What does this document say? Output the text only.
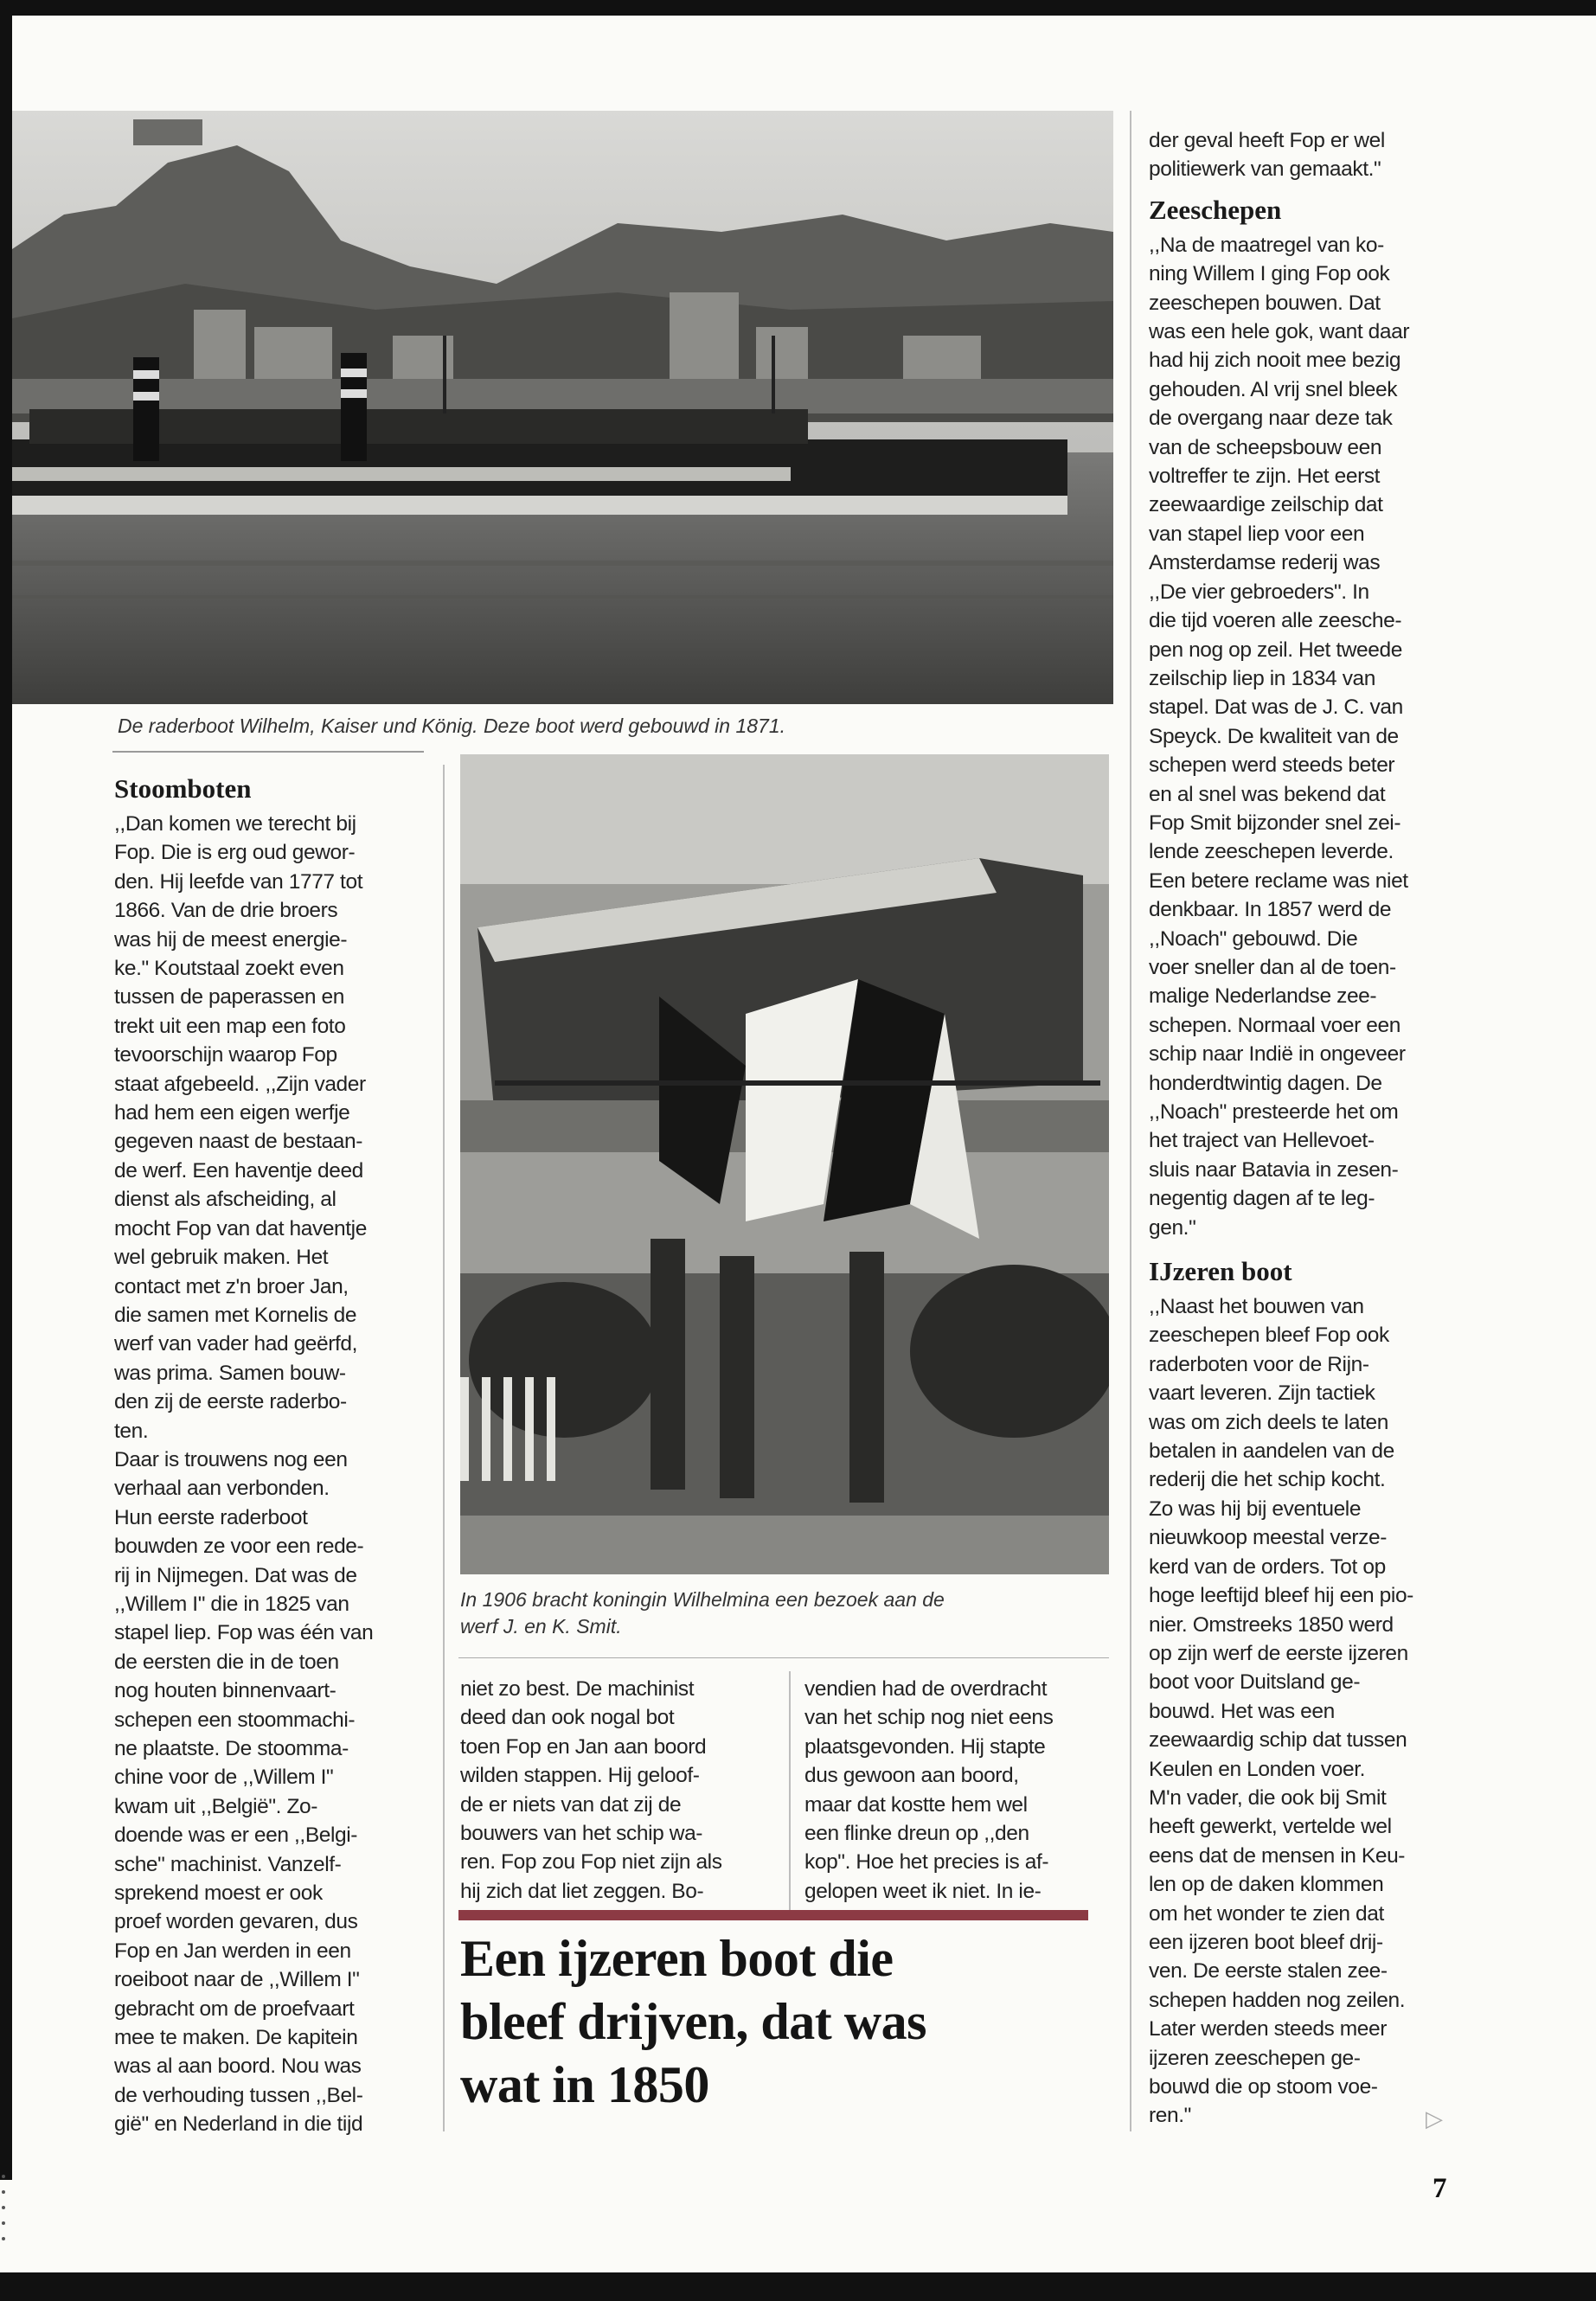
De raderboot Wilhelm, Kaiser und König. Deze boot werd gebouwd in 1871.
In 1906 bracht koningin Wilhelmina een bezoek aan de
werf J. en K. Smit.
Stoomboten

,,Dan komen we terecht bij

Fop. Die is erg oud gewor-

den. Hij leefde van 1777 tot

1866. Van de drie broers

was hij de meest energie-

ke." Koutstaal zoekt even

tussen de paperassen en

trekt uit een map een foto

tevoorschijn waarop Fop

staat afgebeeld. ,,Zijn vader

had hem een eigen werfje

gegeven naast de bestaan-

de werf. Een haventje deed

dienst als afscheiding, al

mocht Fop van dat haventje

wel gebruik maken. Het

contact met z'n broer Jan,

die samen met Kornelis de

werf van vader had geërfd,

was prima. Samen bouw-

den zij de eerste raderbo-

ten.

Daar is trouwens nog een

verhaal aan verbonden.

Hun eerste raderboot

bouwden ze voor een rede-

rij in Nijmegen. Dat was de

,,Willem I" die in 1825 van

stapel liep. Fop was één van

de eersten die in de toen

nog houten binnenvaart-

schepen een stoommachi-

ne plaatste. De stoomma-

chine voor de ,,Willem I"

kwam uit ,,België". Zo-

doende was er een ,,Belgi-

sche" machinist. Vanzelf-

sprekend moest er ook

proef worden gevaren, dus

Fop en Jan werden in een

roeiboot naar de ,,Willem I"

gebracht om de proefvaart

mee te maken. De kapitein

was al aan boord. Nou was

de verhouding tussen ,,Bel-

gië" en Nederland in die tijd

niet zo best. De machinist

deed dan ook nogal bot

toen Fop en Jan aan boord

wilden stappen. Hij geloof-

de er niets van dat zij de

bouwers van het schip wa-

ren. Fop zou Fop niet zijn als

hij zich dat liet zeggen. Bo-

vendien had de overdracht

van het schip nog niet eens

plaatsgevonden. Hij stapte

dus gewoon aan boord,

maar dat kostte hem wel

een flinke dreun op ,,den

kop". Hoe het precies is af-

gelopen weet ik niet. In ie-

Een ijzeren boot die
bleef drijven, dat was
wat in 1850

der geval heeft Fop er wel

politiewerk van gemaakt."

Zeeschepen

,,Na de maatregel van ko-

ning Willem I ging Fop ook

zeeschepen bouwen. Dat

was een hele gok, want daar

had hij zich nooit mee bezig

gehouden. Al vrij snel bleek

de overgang naar deze tak

van de scheepsbouw een

voltreffer te zijn. Het eerst

zeewaardige zeilschip dat

van stapel liep voor een

Amsterdamse rederij was

,,De vier gebroeders". In

die tijd voeren alle zeesche-

pen nog op zeil. Het tweede

zeilschip liep in 1834 van

stapel. Dat was de J. C. van

Speyck. De kwaliteit van de

schepen werd steeds beter

en al snel was bekend dat

Fop Smit bijzonder snel zei-

lende zeeschepen leverde.

Een betere reclame was niet

denkbaar. In 1857 werd de

,,Noach" gebouwd. Die

voer sneller dan al de toen-

malige Nederlandse zee-

schepen. Normaal voer een

schip naar Indië in ongeveer

honderdtwintig dagen. De

,,Noach" presteerde het om

het traject van Hellevoet-

sluis naar Batavia in zesen-

negentig dagen af te leg-

gen."

IJzeren boot

,,Naast het bouwen van

zeeschepen bleef Fop ook

raderboten voor de Rijn-

vaart leveren. Zijn tactiek

was om zich deels te laten

betalen in aandelen van de

rederij die het schip kocht.

Zo was hij bij eventuele

nieuwkoop meestal verze-

kerd van de orders. Tot op

hoge leeftijd bleef hij een pio-

nier. Omstreeks 1850 werd

op zijn werf de eerste ijzeren

boot voor Duitsland ge-

bouwd. Het was een

zeewaardig schip dat tussen

Keulen en Londen voer.

M'n vader, die ook bij Smit

heeft gewerkt, vertelde wel

eens dat de mensen in Keu-

len op de daken klommen

om het wonder te zien dat

een ijzeren boot bleef drij-

ven. De eerste stalen zee-

schepen hadden nog zeilen.

Later werden steeds meer

ijzeren zeeschepen ge-

bouwd die op stoom voe-

ren."	▷
7
